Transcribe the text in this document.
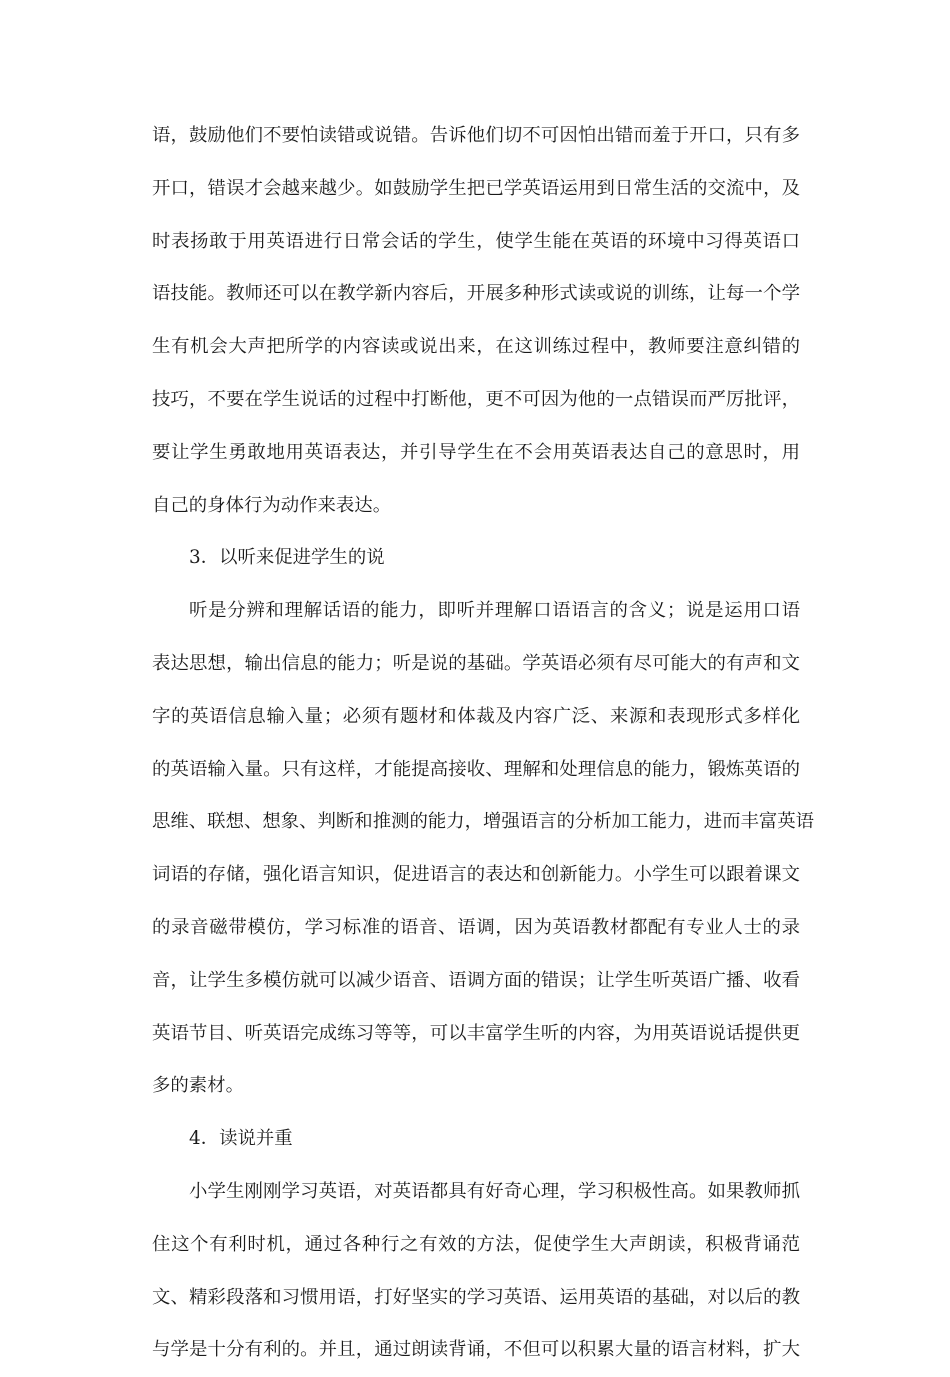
语，鼓励他们不要怕读错或说错。告诉他们切不可因怕出错而羞于开口，只有多
开口，错误才会越来越少。如鼓励学生把已学英语运用到日常生活的交流中，及
时表扬敢于用英语进行日常会话的学生，使学生能在英语的环境中习得英语口
语技能。教师还可以在教学新内容后，开展多种形式读或说的训练，让每一个学
生有机会大声把所学的内容读或说出来，在这训练过程中，教师要注意纠错的
技巧，不要在学生说话的过程中打断他，更不可因为他的一点错误而严厉批评，
要让学生勇敢地用英语表达，并引导学生在不会用英语表达自己的意思时，用
自己的身体行为动作来表达。
3．以听来促进学生的说
听是分辨和理解话语的能力，即听并理解口语语言的含义；说是运用口语
表达思想，输出信息的能力；听是说的基础。学英语必须有尽可能大的有声和文
字的英语信息输入量；必须有题材和体裁及内容广泛、来源和表现形式多样化
的英语输入量。只有这样，才能提高接收、理解和处理信息的能力，锻炼英语的
思维、联想、想象、判断和推测的能力，增强语言的分析加工能力，进而丰富英语
词语的存储，强化语言知识，促进语言的表达和创新能力。小学生可以跟着课文
的录音磁带模仿，学习标准的语音、语调，因为英语教材都配有专业人士的录
音，让学生多模仿就可以减少语音、语调方面的错误；让学生听英语广播、收看
英语节目、听英语完成练习等等，可以丰富学生听的内容，为用英语说话提供更
多的素材。
4．读说并重
小学生刚刚学习英语，对英语都具有好奇心理，学习积极性高。如果教师抓
住这个有利时机，通过各种行之有效的方法，促使学生大声朗读，积极背诵范
文、精彩段落和习惯用语，打好坚实的学习英语、运用英语的基础，对以后的教
与学是十分有利的。并且，通过朗读背诵，不但可以积累大量的语言材料，扩大
